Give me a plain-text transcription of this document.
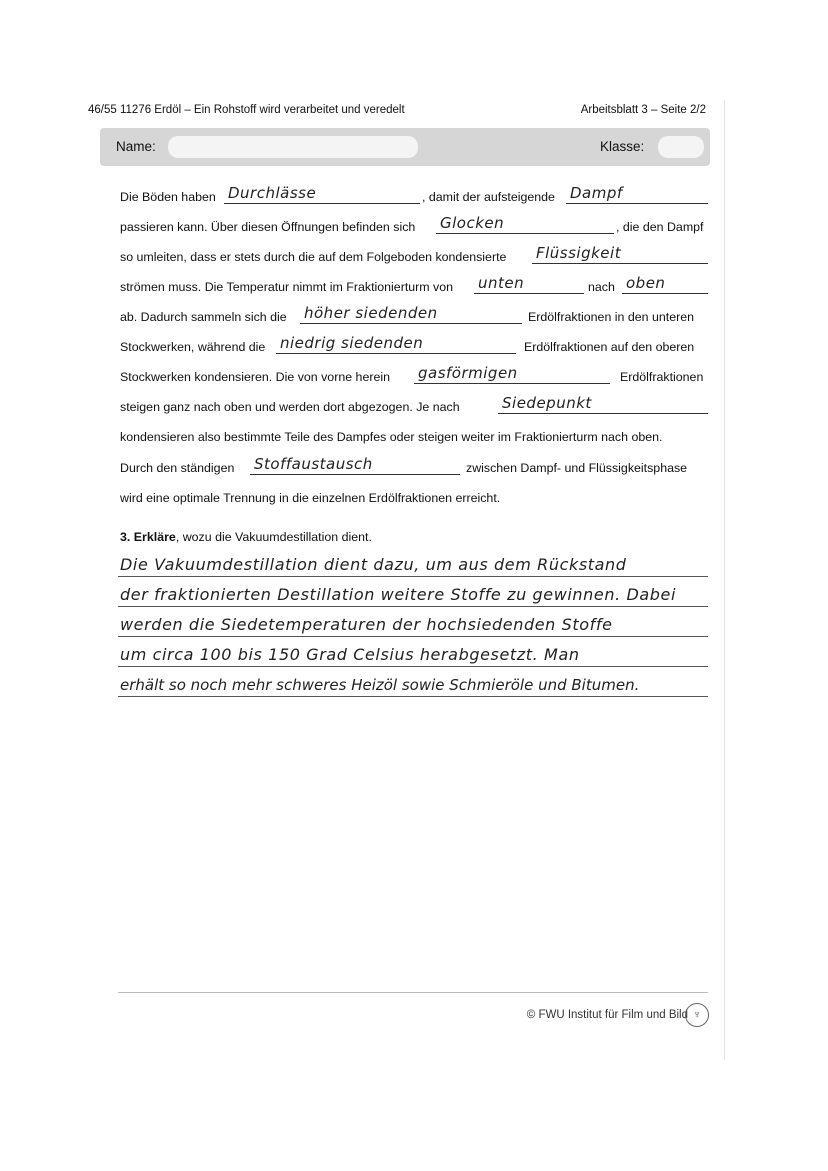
46/55 11276 Erdöl – Ein Rohstoff wird verarbeitet und veredelt	Arbeitsblatt 3 – Seite 2/2
Name:	Klasse:
Die Böden haben Durchlässe	, damit der aufsteigende Dampf
passieren kann. Über diesen Öffnungen befinden sich Glocken	, die den Dampf
so umleiten, dass er stets durch die auf dem Folgeboden kondensierte Flüssigkeit
strömen muss. Die Temperatur nimmt im Fraktionierturm von unten	nach oben
ab. Dadurch sammeln sich die höher siedenden	Erdölfraktionen in den unteren
Stockwerken, während die niedrig siedenden	Erdölfraktionen auf den oberen
Stockwerken kondensieren. Die von vorne herein gasförmigen	Erdölfraktionen
steigen ganz nach oben und werden dort abgezogen. Je nach	Siedepunkt
kondensieren also bestimmte Teile des Dampfes oder steigen weiter im Fraktionierturm nach oben.
Durch den ständigen Stoffaustausch	zwischen Dampf- und Flüssigkeitsphase
wird eine optimale Trennung in die einzelnen Erdölfraktionen erreicht.
3. Erkläre, wozu die Vakuumdestillation dient.
Die Vakuumdestillation dient dazu, um aus dem Rückstand
der fraktionierten Destillation weitere Stoffe zu gewinnen. Dabei
werden die Siedetemperaturen der hochsiedenden Stoffe
um circa 100 bis 150 Grad Celsius herabgesetzt. Man
erhält so noch mehr schweres Heizöl sowie Schmieröle und Bitumen.
© FWU Institut für Film und Bild ♆
